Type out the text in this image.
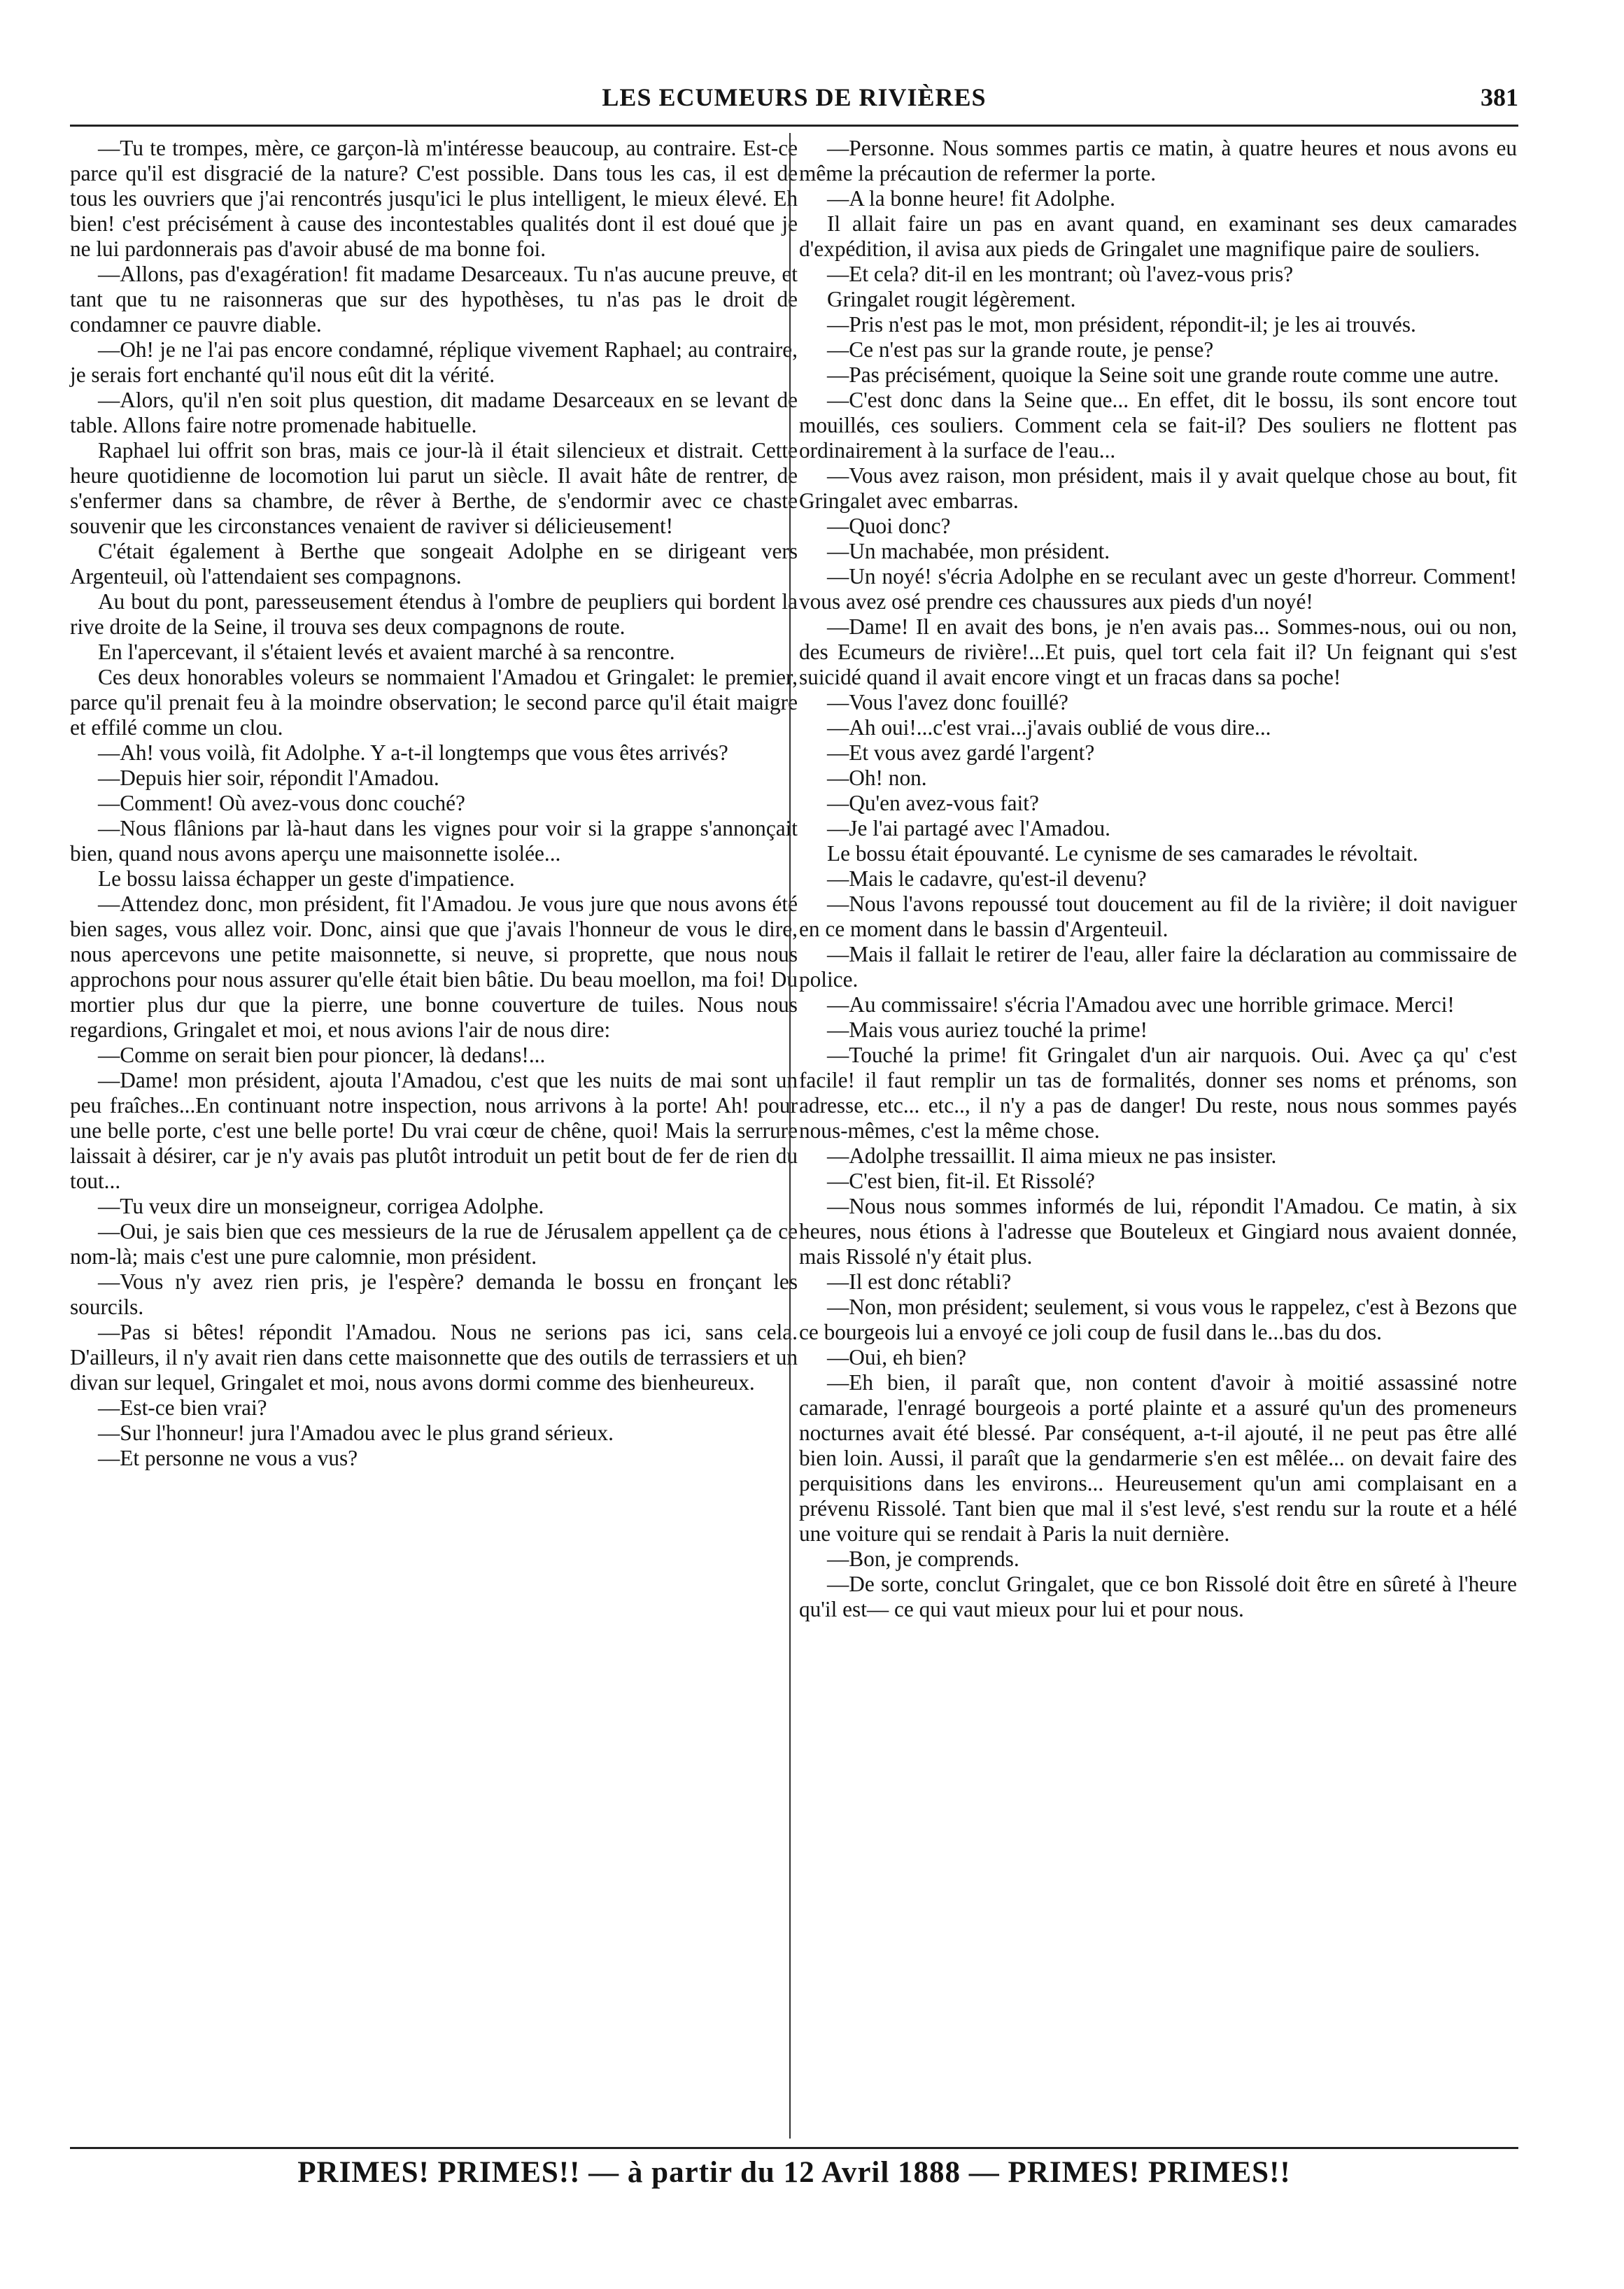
LES ECUMEURS DE RIVIÈRES	381

—Tu te trompes, mère, ce garçon-là m'intéresse beaucoup, au contraire. Est-ce parce qu'il est disgracié de la nature? C'est possible. Dans tous les cas, il est de tous les ouvriers que j'ai rencontrés jusqu'ici le plus intelligent, le mieux élevé. Eh bien! c'est précisément à cause des incontestables qualités dont il est doué que je ne lui pardonnerais pas d'avoir abusé de ma bonne foi.

—Allons, pas d'exagération! fit madame Desarceaux. Tu n'as aucune preuve, et tant que tu ne raisonneras que sur des hypothèses, tu n'as pas le droit de condamner ce pauvre diable.

—Oh! je ne l'ai pas encore condamné, réplique vivement Raphael; au contraire, je serais fort enchanté qu'il nous eût dit la vérité.

—Alors, qu'il n'en soit plus question, dit madame Desarceaux en se levant de table. Allons faire notre promenade habituelle.

Raphael lui offrit son bras, mais ce jour-là il était silencieux et distrait. Cette heure quotidienne de locomotion lui parut un siècle. Il avait hâte de rentrer, de s'enfermer dans sa chambre, de rêver à Berthe, de s'endormir avec ce chaste souvenir que les circonstances venaient de raviver si délicieusement!

C'était également à Berthe que songeait Adolphe en se dirigeant vers Argenteuil, où l'attendaient ses compagnons.

Au bout du pont, paresseusement étendus à l'ombre de peupliers qui bordent la rive droite de la Seine, il trouva ses deux compagnons de route.

En l'apercevant, il s'étaient levés et avaient marché à sa rencontre.

Ces deux honorables voleurs se nommaient l'Amadou et Gringalet: le premier, parce qu'il prenait feu à la moindre observation; le second parce qu'il était maigre et effilé comme un clou.

—Ah! vous voilà, fit Adolphe. Y a-t-il longtemps que vous êtes arrivés?

—Depuis hier soir, répondit l'Amadou.

—Comment! Où avez-vous donc couché?

—Nous flânions par là-haut dans les vignes pour voir si la grappe s'annonçait bien, quand nous avons aperçu une maisonnette isolée...

Le bossu laissa échapper un geste d'impatience.

—Attendez donc, mon président, fit l'Amadou. Je vous jure que nous avons été bien sages, vous allez voir. Donc, ainsi que que j'avais l'honneur de vous le dire, nous apercevons une petite maisonnette, si neuve, si proprette, que nous nous approchons pour nous assurer qu'elle était bien bâtie. Du beau moellon, ma foi! Du mortier plus dur que la pierre, une bonne couverture de tuiles. Nous nous regardions, Gringalet et moi, et nous avions l'air de nous dire:

—Comme on serait bien pour pioncer, là dedans!...

—Dame! mon président, ajouta l'Amadou, c'est que les nuits de mai sont un peu fraîches...En continuant notre inspection, nous arrivons à la porte! Ah! pour une belle porte, c'est une belle porte! Du vrai cœur de chêne, quoi! Mais la serrure laissait à désirer, car je n'y avais pas plutôt introduit un petit bout de fer de rien du tout...

—Tu veux dire un monseigneur, corrigea Adolphe.

—Oui, je sais bien que ces messieurs de la rue de Jérusalem appellent ça de ce nom-là; mais c'est une pure calomnie, mon président.

—Vous n'y avez rien pris, je l'espère? demanda le bossu en fronçant les sourcils.

—Pas si bêtes! répondit l'Amadou. Nous ne serions pas ici, sans cela. D'ailleurs, il n'y avait rien dans cette maisonnette que des outils de terrassiers et un divan sur lequel, Gringalet et moi, nous avons dormi comme des bienheureux.

—Est-ce bien vrai?

—Sur l'honneur! jura l'Amadou avec le plus grand sérieux.

—Et personne ne vous a vus?

—Personne. Nous sommes partis ce matin, à quatre heures et nous avons eu même la précaution de refermer la porte.

—A la bonne heure! fit Adolphe.

Il allait faire un pas en avant quand, en examinant ses deux camarades d'expédition, il avisa aux pieds de Gringalet une magnifique paire de souliers.

—Et cela? dit-il en les montrant; où l'avez-vous pris?

Gringalet rougit légèrement.

—Pris n'est pas le mot, mon président, répondit-il; je les ai trouvés.

—Ce n'est pas sur la grande route, je pense?

—Pas précisément, quoique la Seine soit une grande route comme une autre.

—C'est donc dans la Seine que... En effet, dit le bossu, ils sont encore tout mouillés, ces souliers. Comment cela se fait-il? Des souliers ne flottent pas ordinairement à la surface de l'eau...

—Vous avez raison, mon président, mais il y avait quelque chose au bout, fit Gringalet avec embarras.

—Quoi donc?

—Un machabée, mon président.

—Un noyé! s'écria Adolphe en se reculant avec un geste d'horreur. Comment! vous avez osé prendre ces chaussures aux pieds d'un noyé!

—Dame! Il en avait des bons, je n'en avais pas... Sommes-nous, oui ou non, des Ecumeurs de rivière!...Et puis, quel tort cela fait il? Un feignant qui s'est suicidé quand il avait encore vingt et un fracas dans sa poche!

—Vous l'avez donc fouillé?

—Ah oui!...c'est vrai...j'avais oublié de vous dire...

—Et vous avez gardé l'argent?

—Oh! non.

—Qu'en avez-vous fait?

—Je l'ai partagé avec l'Amadou.

Le bossu était épouvanté. Le cynisme de ses camarades le révoltait.

—Mais le cadavre, qu'est-il devenu?

—Nous l'avons repoussé tout doucement au fil de la rivière; il doit naviguer en ce moment dans le bassin d'Argenteuil.

—Mais il fallait le retirer de l'eau, aller faire la déclaration au commissaire de police.

—Au commissaire! s'écria l'Amadou avec une horrible grimace. Merci!

—Mais vous auriez touché la prime!

—Touché la prime! fit Gringalet d'un air narquois. Oui. Avec ça qu' c'est facile! il faut remplir un tas de formalités, donner ses noms et prénoms, son adresse, etc... etc.., il n'y a pas de danger! Du reste, nous nous sommes payés nous-mêmes, c'est la même chose.

—Adolphe tressaillit. Il aima mieux ne pas insister.

—C'est bien, fit-il. Et Rissolé?

—Nous nous sommes informés de lui, répondit l'Amadou. Ce matin, à six heures, nous étions à l'adresse que Bouteleux et Gingiard nous avaient donnée, mais Rissolé n'y était plus.

—Il est donc rétabli?

—Non, mon président; seulement, si vous vous le rappelez, c'est à Bezons que ce bourgeois lui a envoyé ce joli coup de fusil dans le...bas du dos.

—Oui, eh bien?

—Eh bien, il paraît que, non content d'avoir à moitié assassiné notre camarade, l'enragé bourgeois a porté plainte et a assuré qu'un des promeneurs nocturnes avait été blessé. Par conséquent, a-t-il ajouté, il ne peut pas être allé bien loin. Aussi, il paraît que la gendarmerie s'en est mêlée... on devait faire des perquisitions dans les environs... Heureusement qu'un ami complaisant en a prévenu Rissolé. Tant bien que mal il s'est levé, s'est rendu sur la route et a hélé une voiture qui se rendait à Paris la nuit dernière.

—Bon, je comprends.

—De sorte, conclut Gringalet, que ce bon Rissolé doit être en sûreté à l'heure qu'il est— ce qui vaut mieux pour lui et pour nous.

PRIMES! PRIMES!! — à partir du 12 Avril 1888 — PRIMES! PRIMES!!
